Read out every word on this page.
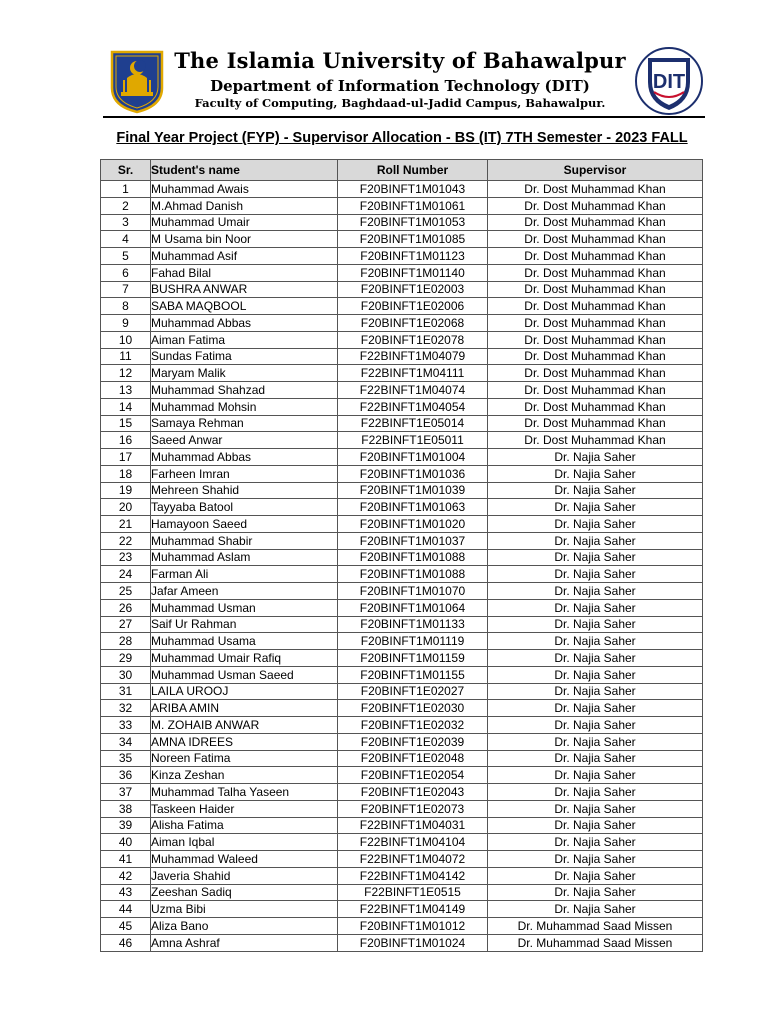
The Islamia University of Bahawalpur
Department of Information Technology (DIT)
Faculty of Computing, Baghdaad-ul-Jadid Campus, Bahawalpur.
DIT
Final Year Project (FYP) - Supervisor Allocation - BS (IT) 7TH Semester - 2023 FALL
Sr.	Student's name	Roll Number	Supervisor
1	Muhammad Awais	F20BINFT1M01043	Dr. Dost Muhammad Khan
2	M.Ahmad Danish	F20BINFT1M01061	Dr. Dost Muhammad Khan
3	Muhammad Umair	F20BINFT1M01053	Dr. Dost Muhammad Khan
4	M Usama bin Noor	F20BINFT1M01085	Dr. Dost Muhammad Khan
5	Muhammad Asif	F20BINFT1M01123	Dr. Dost Muhammad Khan
6	Fahad Bilal	F20BINFT1M01140	Dr. Dost Muhammad Khan
7	BUSHRA ANWAR	F20BINFT1E02003	Dr. Dost Muhammad Khan
8	SABA MAQBOOL	F20BINFT1E02006	Dr. Dost Muhammad Khan
9	Muhammad Abbas	F20BINFT1E02068	Dr. Dost Muhammad Khan
10	Aiman Fatima	F20BINFT1E02078	Dr. Dost Muhammad Khan
11	Sundas Fatima	F22BINFT1M04079	Dr. Dost Muhammad Khan
12	Maryam Malik	F22BINFT1M04111	Dr. Dost Muhammad Khan
13	Muhammad Shahzad	F22BINFT1M04074	Dr. Dost Muhammad Khan
14	Muhammad Mohsin	F22BINFT1M04054	Dr. Dost Muhammad Khan
15	Samaya Rehman	F22BINFT1E05014	Dr. Dost Muhammad Khan
16	Saeed Anwar	F22BINFT1E05011	Dr. Dost Muhammad Khan
17	Muhammad Abbas	F20BINFT1M01004	Dr. Najia Saher
18	Farheen Imran	F20BINFT1M01036	Dr. Najia Saher
19	Mehreen Shahid	F20BINFT1M01039	Dr. Najia Saher
20	Tayyaba Batool	F20BINFT1M01063	Dr. Najia Saher
21	Hamayoon Saeed	F20BINFT1M01020	Dr. Najia Saher
22	Muhammad Shabir	F20BINFT1M01037	Dr. Najia Saher
23	Muhammad Aslam	F20BINFT1M01088	Dr. Najia Saher
24	Farman Ali	F20BINFT1M01088	Dr. Najia Saher
25	Jafar Ameen	F20BINFT1M01070	Dr. Najia Saher
26	Muhammad Usman	F20BINFT1M01064	Dr. Najia Saher
27	Saif Ur Rahman	F20BINFT1M01133	Dr. Najia Saher
28	Muhammad Usama	F20BINFT1M01119	Dr. Najia Saher
29	Muhammad Umair Rafiq	F20BINFT1M01159	Dr. Najia Saher
30	Muhammad Usman Saeed	F20BINFT1M01155	Dr. Najia Saher
31	LAILA UROOJ	F20BINFT1E02027	Dr. Najia Saher
32	ARIBA AMIN	F20BINFT1E02030	Dr. Najia Saher
33	M. ZOHAIB ANWAR	F20BINFT1E02032	Dr. Najia Saher
34	AMNA IDREES	F20BINFT1E02039	Dr. Najia Saher
35	Noreen Fatima	F20BINFT1E02048	Dr. Najia Saher
36	Kinza Zeshan	F20BINFT1E02054	Dr. Najia Saher
37	Muhammad Talha Yaseen	F20BINFT1E02043	Dr. Najia Saher
38	Taskeen Haider	F20BINFT1E02073	Dr. Najia Saher
39	Alisha Fatima	F22BINFT1M04031	Dr. Najia Saher
40	Aiman Iqbal	F22BINFT1M04104	Dr. Najia Saher
41	Muhammad Waleed	F22BINFT1M04072	Dr. Najia Saher
42	Javeria Shahid	F22BINFT1M04142	Dr. Najia Saher
43	Zeeshan Sadiq	F22BINFT1E0515	Dr. Najia Saher
44	Uzma Bibi	F22BINFT1M04149	Dr. Najia Saher
45	Aliza Bano	F20BINFT1M01012	Dr. Muhammad Saad Missen
46	Amna Ashraf	F20BINFT1M01024	Dr. Muhammad Saad Missen
